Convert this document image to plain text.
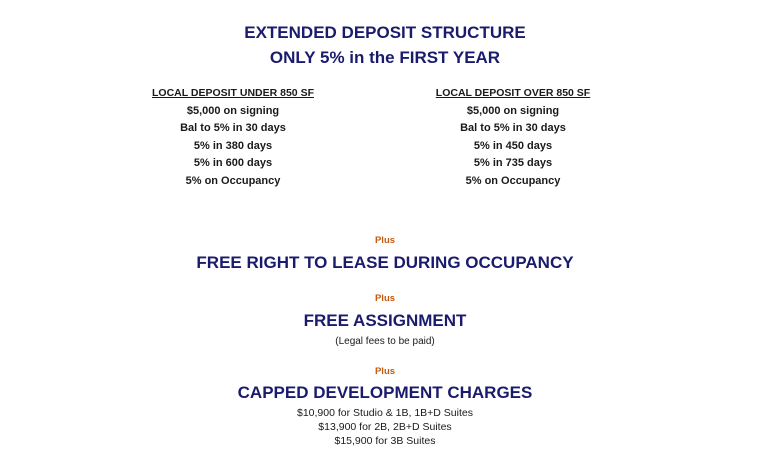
EXTENDED DEPOSIT STRUCTURE
ONLY 5% in the FIRST YEAR
LOCAL DEPOSIT UNDER 850 SF
$5,000 on signing
Bal to 5% in 30 days
5% in 380 days
5% in 600 days
5% on Occupancy
LOCAL DEPOSIT OVER 850 SF
$5,000 on signing
Bal to 5% in 30 days
5% in 450 days
5% in 735 days
5% on Occupancy
Plus
FREE RIGHT TO LEASE DURING OCCUPANCY
Plus
FREE ASSIGNMENT
(Legal fees to be paid)
Plus
CAPPED DEVELOPMENT CHARGES
$10,900 for Studio & 1B, 1B+D Suites
$13,900 for 2B, 2B+D Suites
$15,900 for 3B Suites
